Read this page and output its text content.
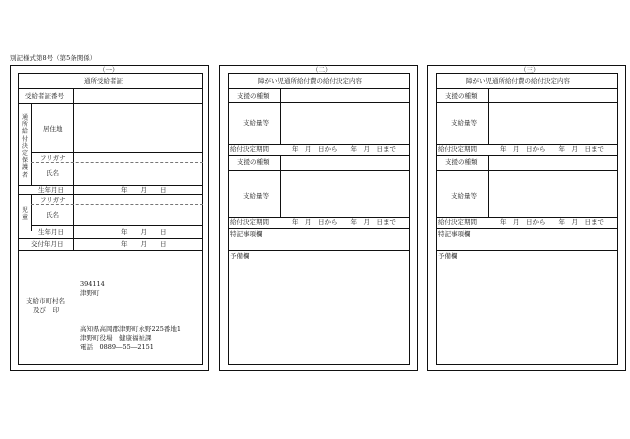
別記様式第8号（第5条関係）
（一）
通所受給者証
受給者証番号
通所給付決定保護者
居住地
フリガナ
氏名
生年月日	年　　月　　日
児童
フリガナ
氏名
生年月日	年　　月　　日
交付年月日	年　　月　　日
支給市町村名
及び　印
394114
津野町
高知県高岡郡津野町永野225番地1
津野町役場　健康福祉課
電話　0889―55―2151
（二）
障がい児通所給付費の給付決定内容
支援の種類
支給量等
給付決定期間	年　月　日から　　年　月　日まで
支援の種類
支給量等
給付決定期間	年　月　日から　　年　月　日まで
特記事項欄
予備欄
（三）
障がい児通所給付費の給付決定内容
支援の種類
支給量等
給付決定期間	年　月　日から　　年　月　日まで
支援の種類
支給量等
給付決定期間	年　月　日から　　年　月　日まで
特記事項欄
予備欄
